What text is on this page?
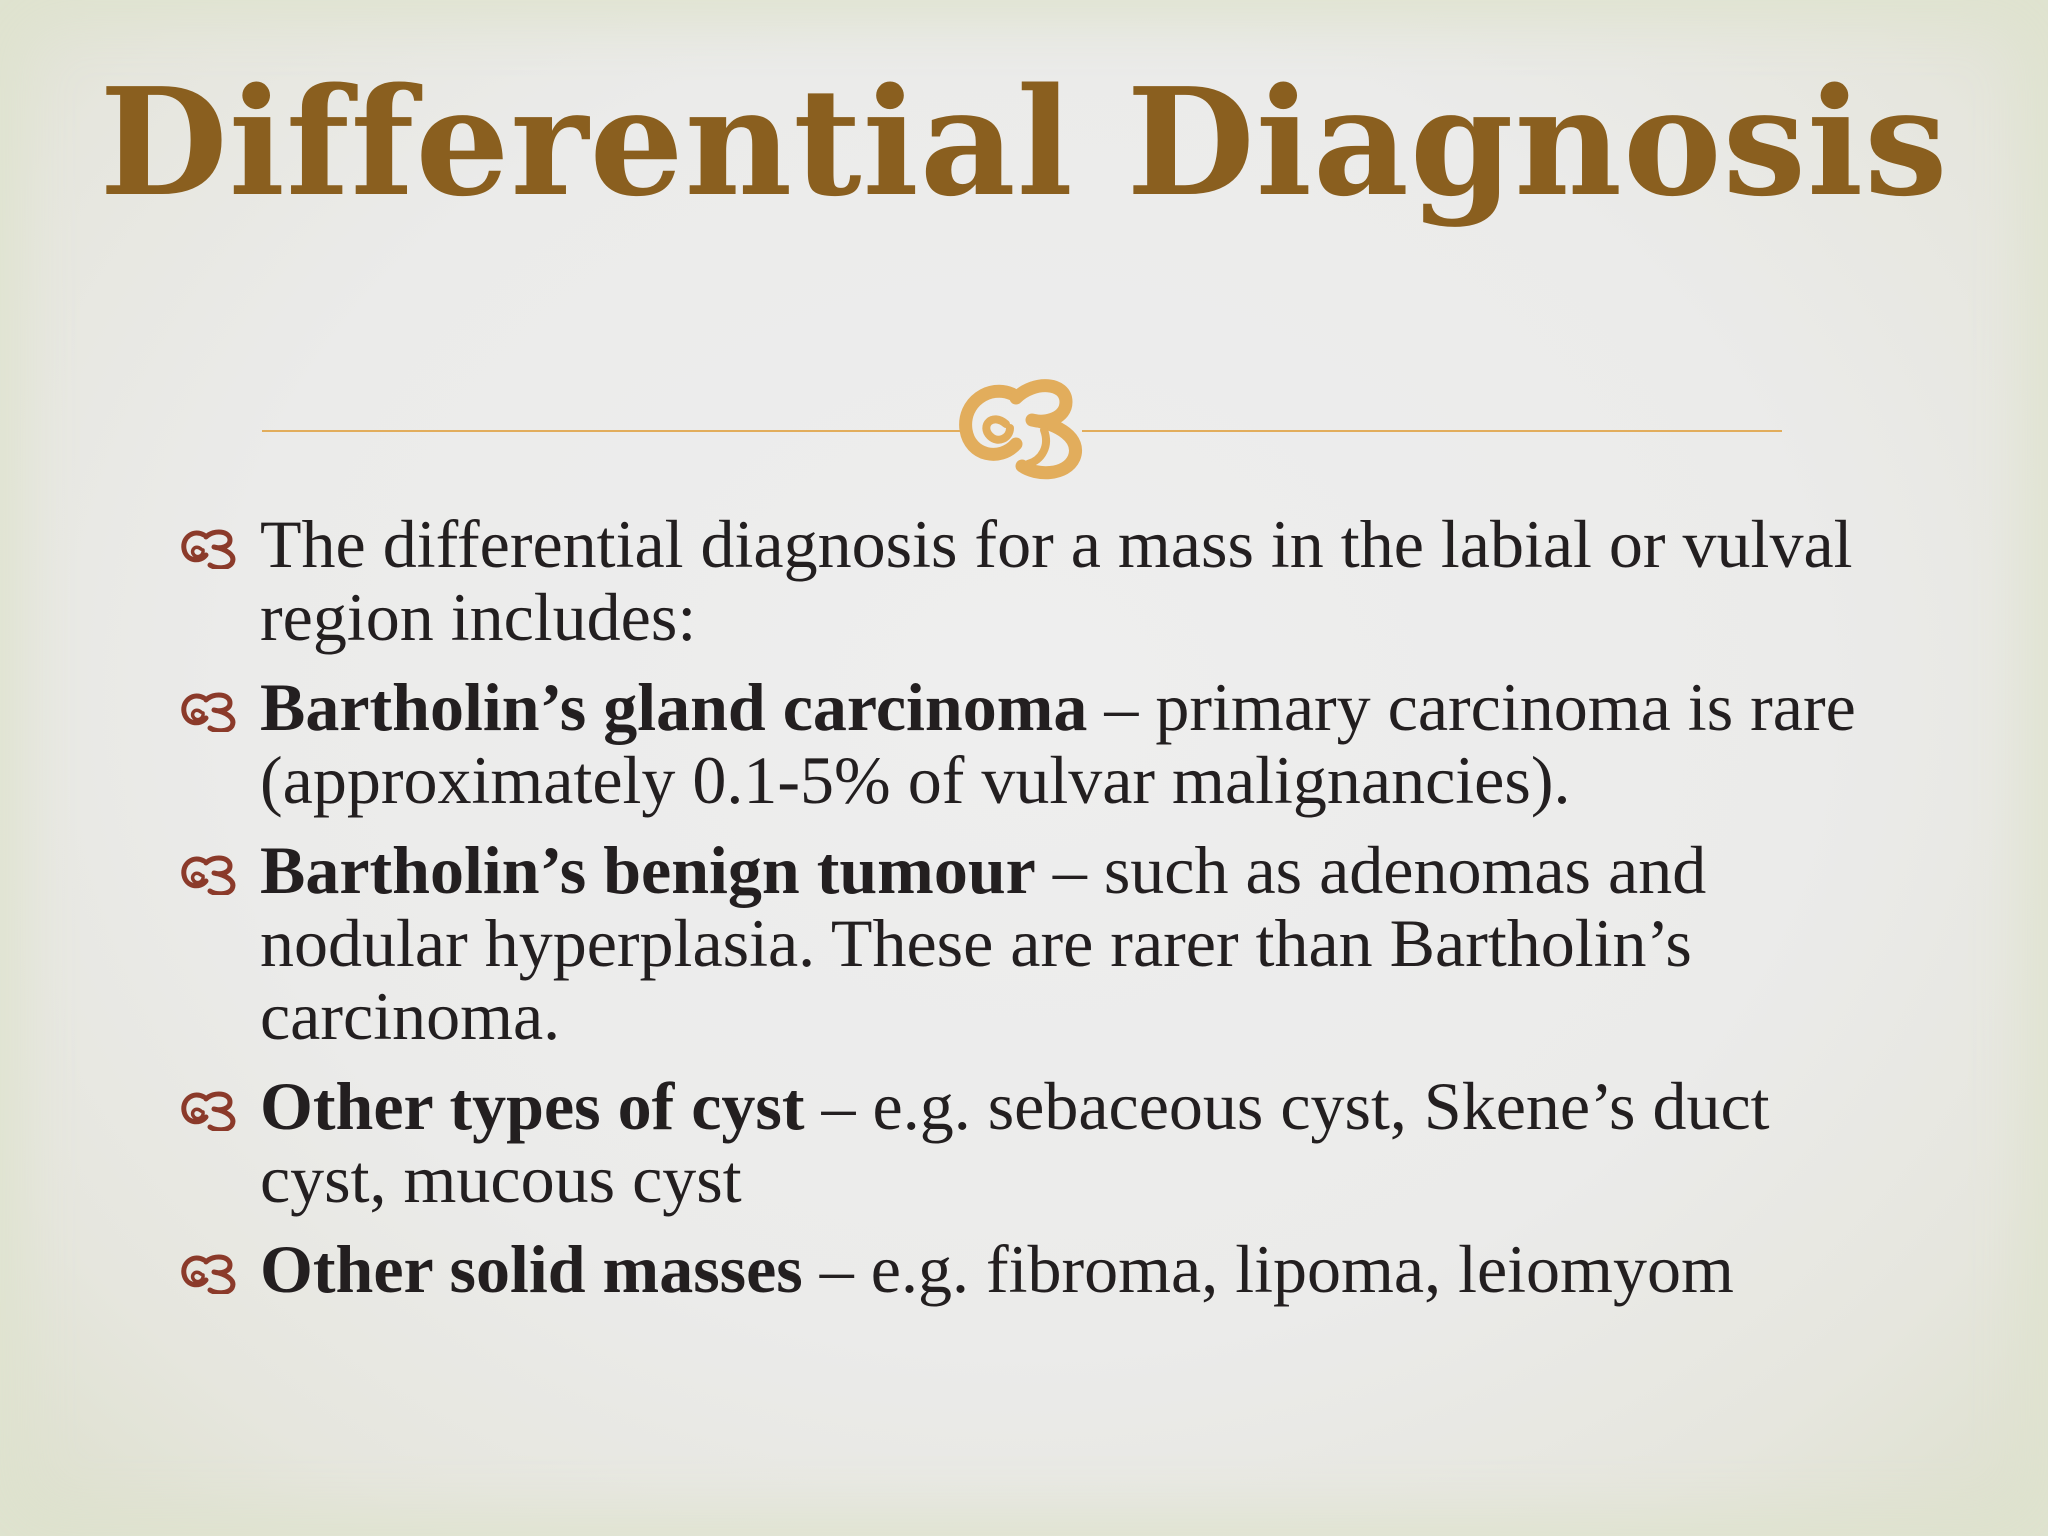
Differential Diagnosis
The differential diagnosis for a mass in the labial or vulval region includes:
Bartholin’s gland carcinoma – primary carcinoma is rare (approximately 0.1-5% of vulvar malignancies).
Bartholin’s benign tumour – such as adenomas and nodular hyperplasia. These are rarer than Bartholin’s carcinoma.
Other types of cyst – e.g. sebaceous cyst, Skene’s duct cyst, mucous cyst
Other solid masses – e.g. fibroma, lipoma, leiomyom
